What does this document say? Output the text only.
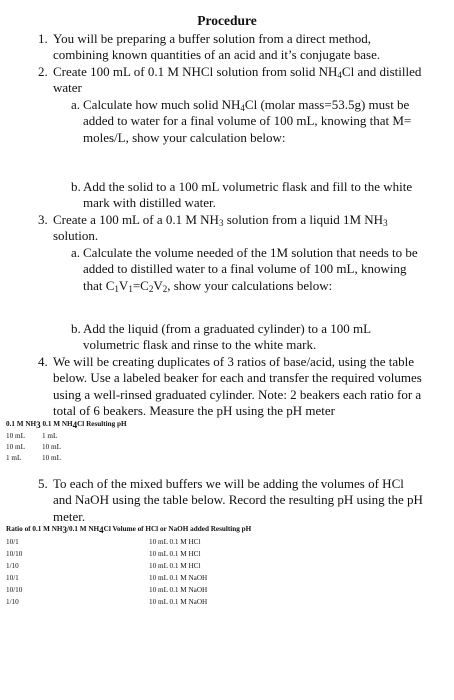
Procedure
1. You will be preparing a buffer solution from a direct method, combining known quantities of an acid and it’s conjugate base.
2. Create 100 mL of 0.1 M NHCl solution from solid $NH_4Cl$ and distilled water
a. Calculate how much solid $NH_4Cl$ (molar mass=53.5g) must be added to water for a final volume of 100 mL, knowing that M= moles/L, show your calculation below:
b. Add the solid to a 100 mL volumetric flask and fill to the white mark with distilled water.
3. Create a 100 mL of a 0.1 M $NH_3$ solution from a liquid 1M $NH_3$ solution.
a. Calculate the volume needed of the 1M solution that needs to be added to distilled water to a final volume of 100 mL, knowing that $C_1V_1=C_2V_2$, show your calculations below:
b. Add the liquid (from a graduated cylinder) to a 100 mL volumetric flask and rinse to the white mark.
4. We will be creating duplicates of 3 ratios of base/acid, using the table below. Use a labeled beaker for each and transfer the required volumes using a well-rinsed graduated cylinder. Note: 2 beakers each ratio for a total of 6 beakers. Measure the pH using the pH meter
0.1 M $NH_3$ 0.1 M $NH_4Cl$ Resulting pH
10 mL 1 mL
10 mL 10 mL
1 mL	10 mL
5. To each of the mixed buffers we will be adding the volumes of HCl and NaOH using the table below. Record the resulting pH using the pH meter.
Ratio of 0.1 M $NH_3/0.1$ M $NH_4Cl$ Volume of HCl or NaOH added Resulting pH
10/1	10 mL 0.1 M HCl
10/10	10 mL 0.1 M HCl
1/10	10 mL 0.1 M HCl
10/1	10 mL 0.1 M NaOH
10/10	10 mL 0.1 M NaOH
1/10	10 mL 0.1 M NaOH
